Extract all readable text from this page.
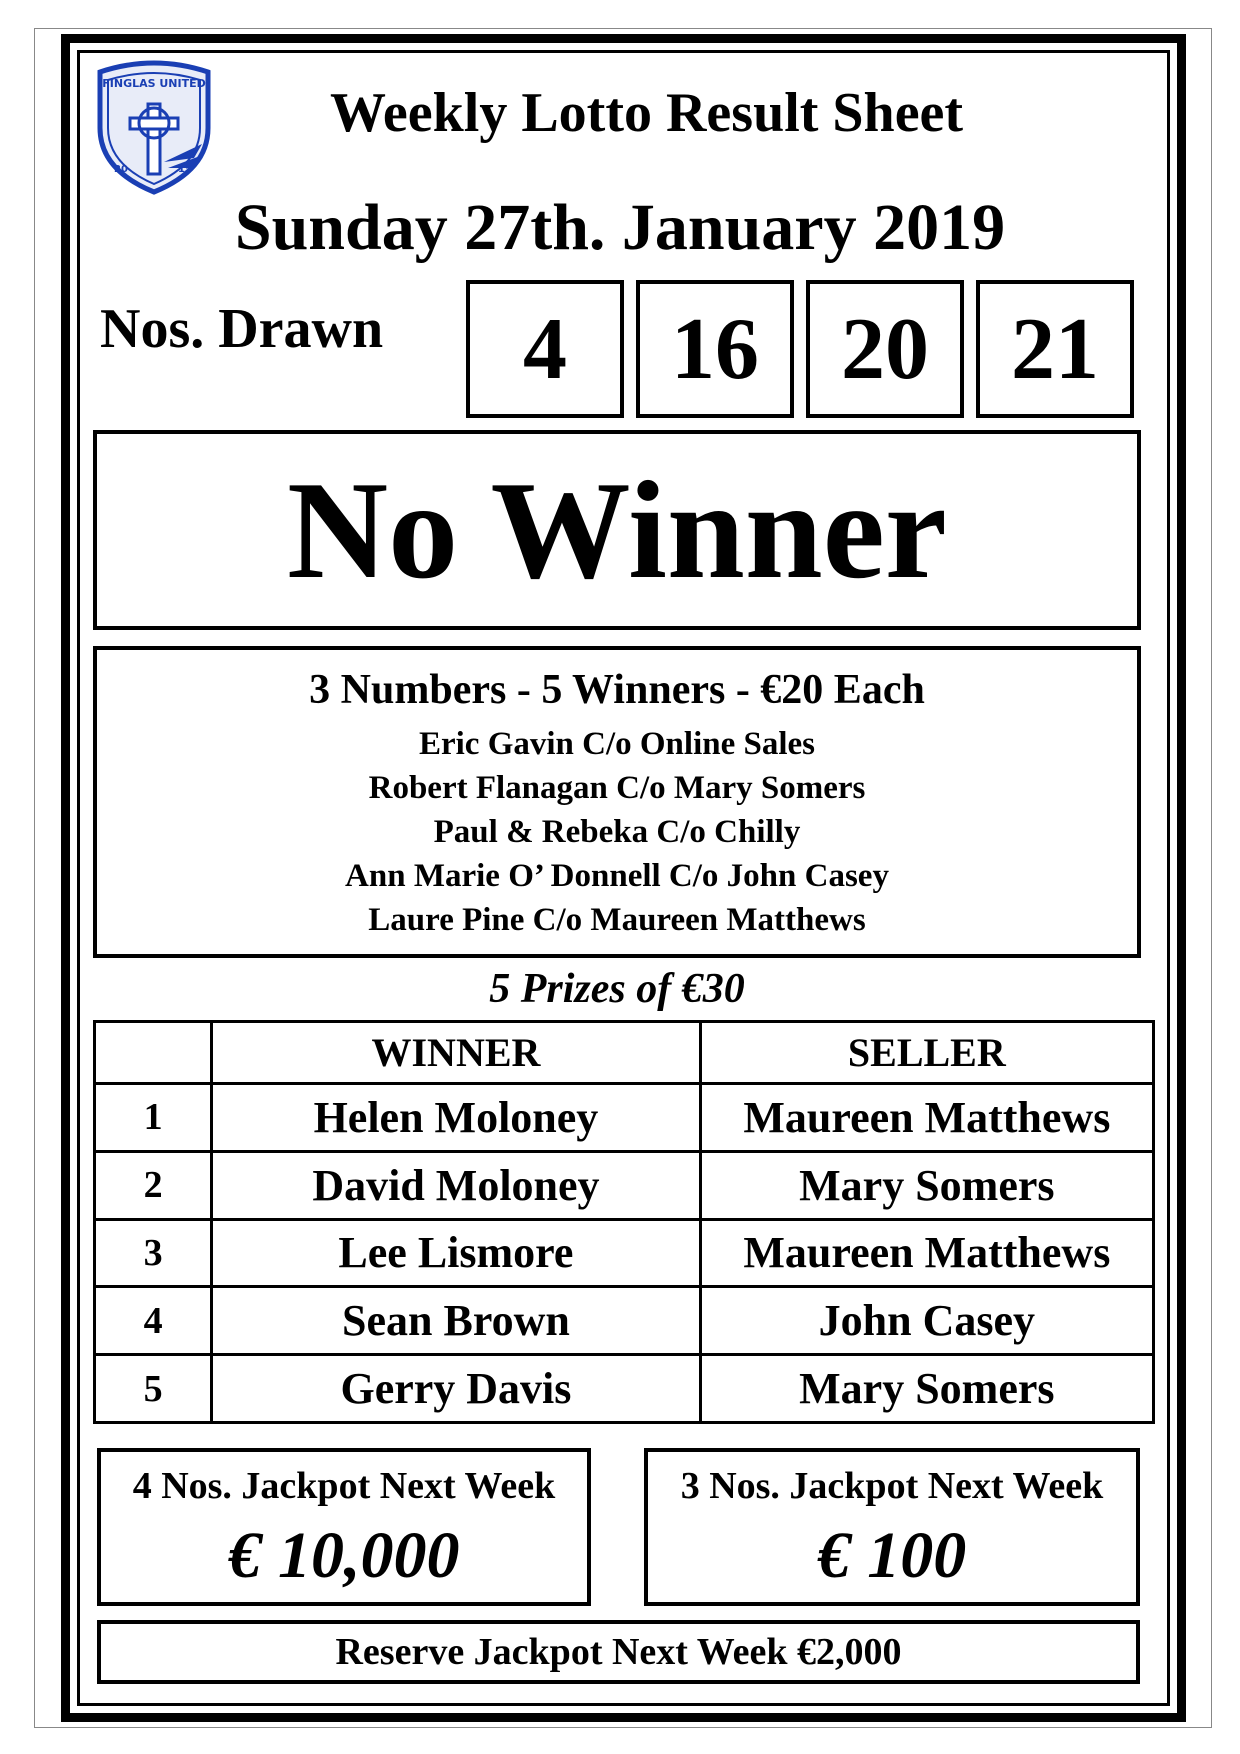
FINGLAS UNITED
20	15
Weekly Lotto Result Sheet
Sunday 27th. January 2019
Nos. Drawn	4	16 20 21
No Winner
3 Numbers - 5 Winners - €20 Each
Eric Gavin C/o Online Sales
Robert Flanagan C/o Mary Somers
Paul & Rebeka C/o Chilly
Ann Marie O’ Donnell C/o John Casey
Laure Pine C/o Maureen Matthews
5 Prizes of €30
	WINNER	SELLER
1	Helen Moloney	Maureen Matthews
2	David Moloney	Mary Somers
3	Lee Lismore	Maureen Matthews
4	Sean Brown	John Casey
5	Gerry Davis	Mary Somers
4 Nos. Jackpot Next Week
€ 10,000
3 Nos. Jackpot Next Week
€ 100
Reserve Jackpot Next Week €2,000
